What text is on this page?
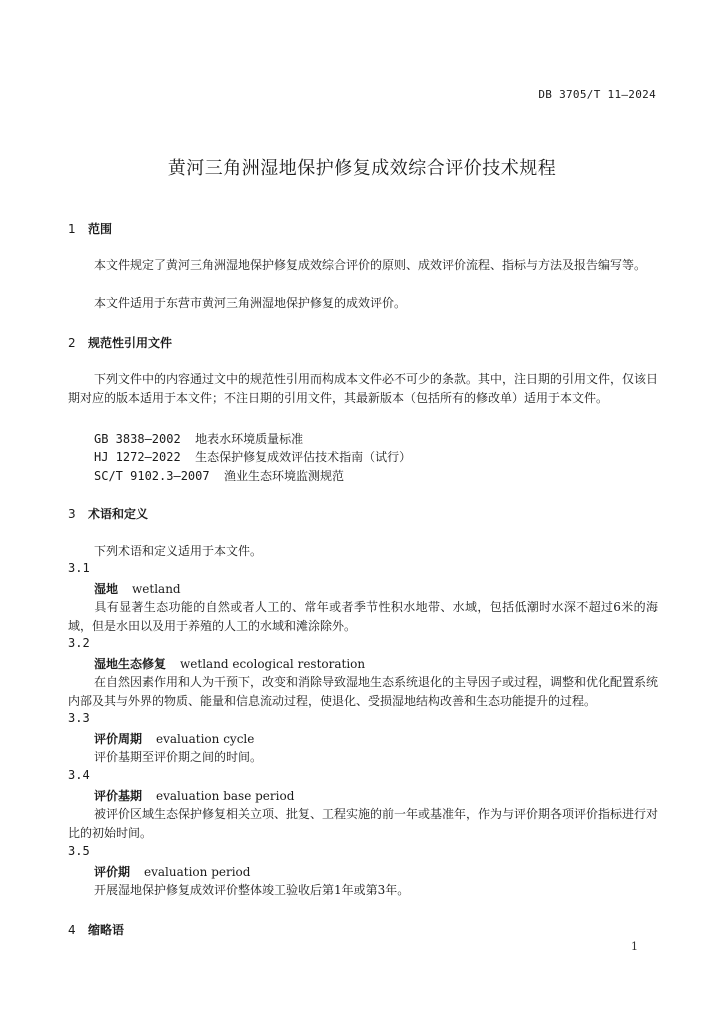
DB 3705/T 11—2024
黄河三角洲湿地保护修复成效综合评价技术规程
1 范围
本文件规定了黄河三角洲湿地保护修复成效综合评价的原则、成效评价流程、指标与方法及报告编写等。
本文件适用于东营市黄河三角洲湿地保护修复的成效评价。
2 规范性引用文件
下列文件中的内容通过文中的规范性引用而构成本文件必不可少的条款。其中，注日期的引用文件，仅该日期对应的版本适用于本文件；不注日期的引用文件，其最新版本（包括所有的修改单）适用于本文件。
GB 3838—2002 地表水环境质量标准
HJ 1272—2022 生态保护修复成效评估技术指南（试行）
SC/T 9102.3—2007 渔业生态环境监测规范
3 术语和定义
下列术语和定义适用于本文件。
3.1
湿地 wetland
具有显著生态功能的自然或者人工的、常年或者季节性积水地带、水域，包括低潮时水深不超过6米的海域，但是水田以及用于养殖的人工的水域和滩涂除外。
3.2
湿地生态修复 wetland ecological restoration
在自然因素作用和人为干预下，改变和消除导致湿地生态系统退化的主导因子或过程，调整和优化配置系统内部及其与外界的物质、能量和信息流动过程，使退化、受损湿地结构改善和生态功能提升的过程。
3.3
评价周期 evaluation cycle
评价基期至评价期之间的时间。
3.4
评价基期 evaluation base period
被评价区域生态保护修复相关立项、批复、工程实施的前一年或基准年，作为与评价期各项评价指标进行对比的初始时间。
3.5
评价期 evaluation period
开展湿地保护修复成效评价整体竣工验收后第1年或第3年。
4 缩略语
1
